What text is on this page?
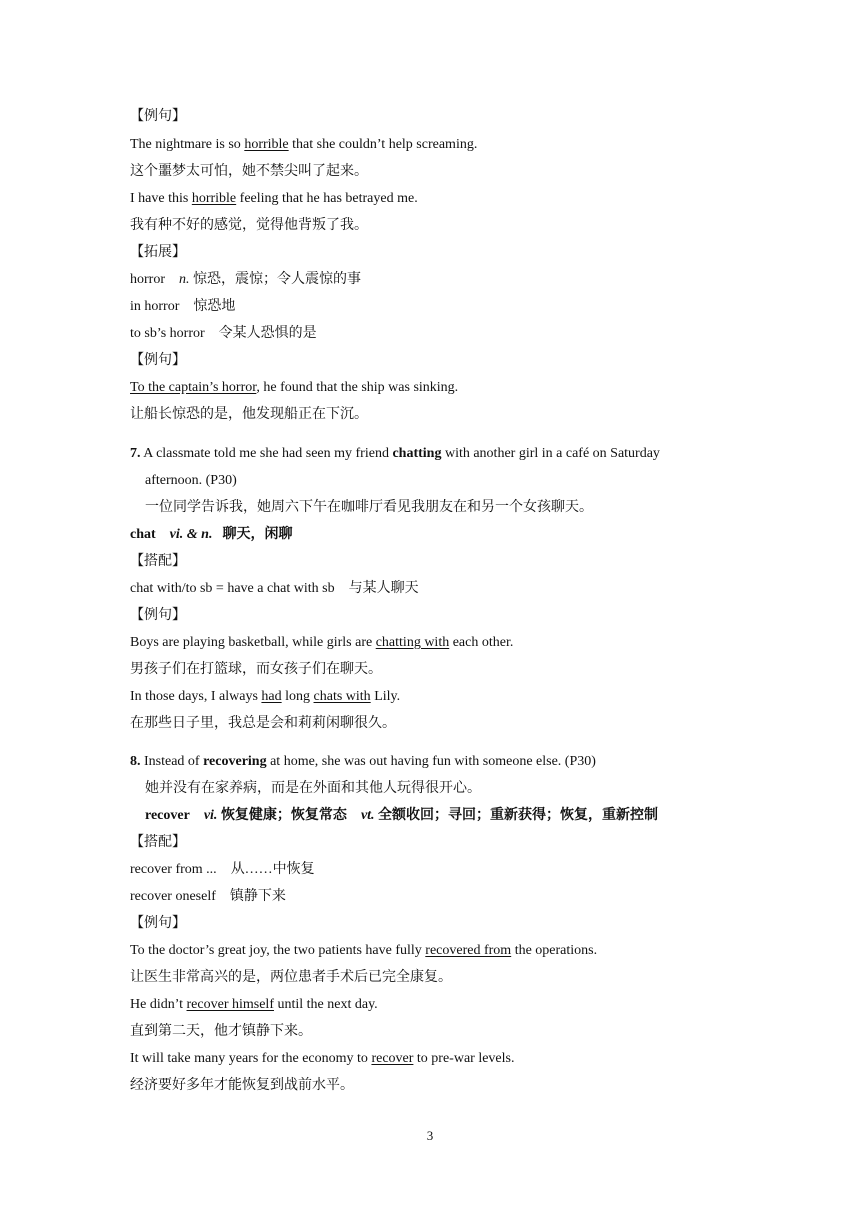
【例句】
The nightmare is so horrible that she couldn’t help screaming.
这个噩梦太可怕，她不禁尖叫了起来。
I have this horrible feeling that he has betrayed me.
我有种不好的感觉，觉得他背叛了我。
【拓展】
horror n. 惊恐，震惊；令人震惊的事
in horror 惊恐地
to sb’s horror 令某人恐惧的是
【例句】
To the captain’s horror, he found that the ship was sinking.
让船长惊恐的是，他发现船正在下沉。
7. A classmate told me she had seen my friend chatting with another girl in a café on Saturday
afternoon. (P30)
一位同学告诉我，她周六下午在咖啡厅看见我朋友在和另一个女孩聊天。
chat vi. & n. 聊天，闲聊
【搭配】
chat with/to sb = have a chat with sb 与某人聊天
【例句】
Boys are playing basketball, while girls are chatting with each other.
男孩子们在打篮球，而女孩子们在聊天。
In those days, I always had long chats with Lily.
在那些日子里，我总是会和莉莉闲聊很久。
8. Instead of recovering at home, she was out having fun with someone else. (P30)
她并没有在家养病，而是在外面和其他人玩得很开心。
recover vi. 恢复健康；恢复常态 vt. 全额收回；寻回；重新获得；恢复，重新控制
【搭配】
recover from ... 从……中恢复
recover oneself 镇静下来
【例句】
To the doctor’s great joy, the two patients have fully recovered from the operations.
让医生非常高兴的是，两位患者手术后已完全康复。
He didn’t recover himself until the next day.
直到第二天，他才镇静下来。
It will take many years for the economy to recover to pre-war levels.
经济要好多年才能恢复到战前水平。
3
